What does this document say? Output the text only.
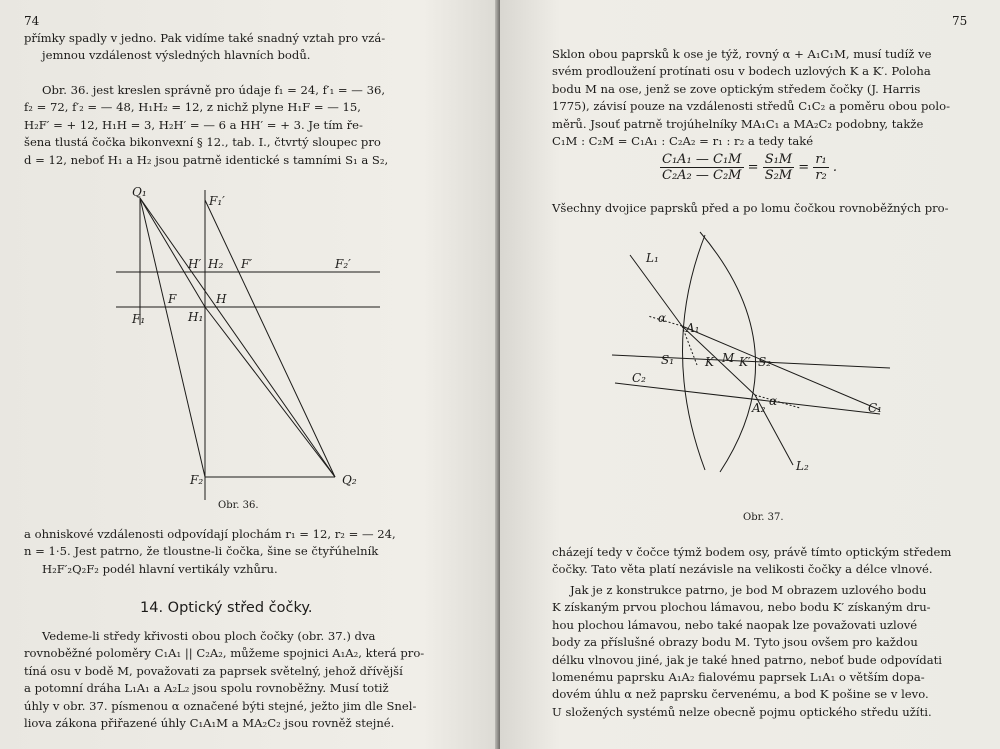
74

přímky spadly v jedno. Pak vidíme také snadný vztah pro vzá-

jemnou vzdálenost výsledných hlavních bodů.

Obr. 36. jest kreslen správně pro údaje f₁ = 24, f′₁ = — 36,

f₂ = 72, f′₂ = — 48, H₁H₂ = 12, z nichž plyne H₁F = — 15,

H₂F′ = + 12, H₁H = 3, H₂H′ = — 6 a HH′ = + 3. Je tím ře-

šena tlustá čočka bikonvexní § 12., tab. I., čtvrtý sloupec pro

d = 12, neboť H₁ a H₂ jsou patrně identické s tamními S₁ a S₂,

Q₁
F₁′
H′ H₂ F′	F₂′
F	H
F₁	H₁
F₂	Q₂
Obr. 36.

a ohniskové vzdálenosti odpovídají plochám r₁ = 12, r₂ = — 24,

n = 1·5. Jest patrno, že tloustne-li čočka, šine se čtyřúhelník

H₂F′₂Q₂F₂ podél hlavní vertikály vzhůru.

14. Optický střed čočky.

Vedeme-li středy křivosti obou ploch čočky (obr. 37.) dva

rovnoběžné poloměry C₁A₁ || C₂A₂, můžeme spojnici A₁A₂, která pro-

tíná osu v bodě M, považovati za paprsek světelný, jehož dřívější

a potomní dráha L₁A₁ a A₂L₂ jsou spolu rovnoběžny. Musí totiž

úhly v obr. 37. písmenou α označené býti stejné, ježto jim dle Snel-

liova zákona přiřazené úhly C₁A₁M a MA₂C₂ jsou rovněž stejné.

75

Sklon obou paprsků k ose je týž, rovný α + A₁C₁M, musí tudíž ve

svém prodloužení protínati osu v bodech uzlových K a K′. Poloha

bodu M na ose, jenž se zove optickým středem čočky (J. Harris

1775), závisí pouze na vzdálenosti středů C₁C₂ a poměru obou polo-

měrů. Jsouť patrně trojúhelníky MA₁C₁ a MA₂C₂ podobny, takže

C₁M : C₂M = C₁A₁ : C₂A₂ = r₁ : r₂ a tedy také

$\frac{\text{C₁A₁ — C₁M}}{\text{C₂A₂ — C₂M}} = \frac{\text{S₁M}}{\text{S₂M}} = \frac{\text{r₁}}{\text{r₂}}$ .

Všechny dvojice paprsků před a po lomu čočkou rovnoběžných pro-

L₁
α
A₁
S₁	K M K′ S₂
C₂
C₁
A₂ α
L₂
Obr. 37.

cházejí tedy v čočce týmž bodem osy, právě tímto optickým středem

čočky. Tato věta platí nezávisle na velikosti čočky a délce vlnové.

Jak je z konstrukce patrno, je bod M obrazem uzlového bodu

K získaným prvou plochou lámavou, nebo bodu K′ získaným dru-

hou plochou lámavou, nebo také naopak lze považovati uzlové

body za příslušné obrazy bodu M. Tyto jsou ovšem pro každou

délku vlnovou jiné, jak je také hned patrno, neboť bude odpovídati

lomenému paprsku A₁A₂ fialovému paprsek L₁A₁ o větším dopa-

dovém úhlu α než paprsku červenému, a bod K pošine se v levo.

U složených systémů nelze obecně pojmu optického středu užíti.
